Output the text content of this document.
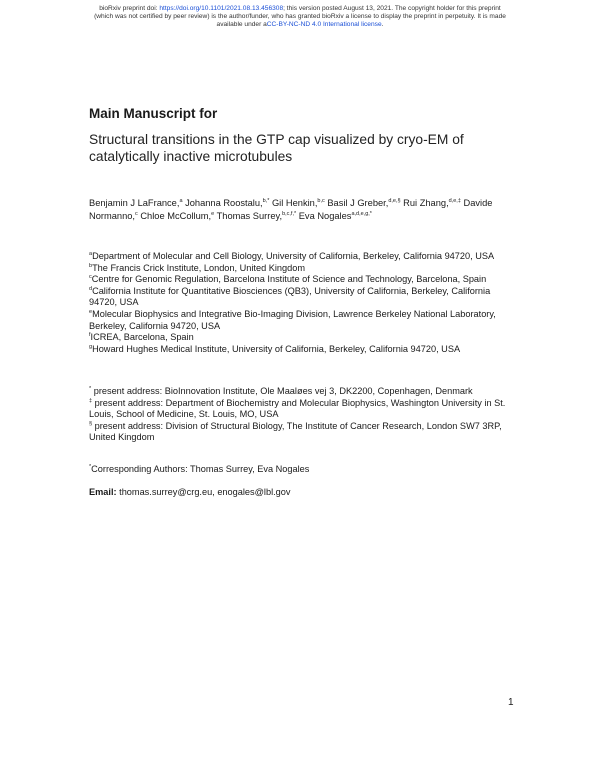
bioRxiv preprint doi: https://doi.org/10.1101/2021.08.13.456308; this version posted August 13, 2021. The copyright holder for this preprint
(which was not certified by peer review) is the author/funder, who has granted bioRxiv a license to display the preprint in perpetuity. It is made
available under aCC-BY-NC-ND 4.0 International license.
Main Manuscript for
Structural transitions in the GTP cap visualized by cryo-EM of catalytically inactive microtubules
Benjamin J LaFrance,$^a$ Johanna Roostalu,$^{b,*}$ Gil Henkin,$^{b,c}$ Basil J Greber,$^{d,e,\S}$ Rui Zhang,$^{d,e,\ddagger}$ Davide Normanno,$^c$ Chloe McCollum,$^e$ Thomas Surrey,$^{b,c,f,*}$ Eva Nogales$^{a,d,e,g,*}$

$^a$Department of Molecular and Cell Biology, University of California, Berkeley, California 94720, USA

$^b$The Francis Crick Institute, London, United Kingdom

$^c$Centre for Genomic Regulation, Barcelona Institute of Science and Technology, Barcelona, Spain

$^d$California Institute for Quantitative Biosciences (QB3), University of California, Berkeley, California 94720, USA

$^e$Molecular Biophysics and Integrative Bio-Imaging Division, Lawrence Berkeley National Laboratory, Berkeley, California 94720, USA

$^f$ICREA, Barcelona, Spain

$^g$Howard Hughes Medical Institute, University of California, Berkeley, California 94720, USA

* present address: BioInnovation Institute, Ole Maaløes vej 3, DK2200, Copenhagen, Denmark

‡ present address: Department of Biochemistry and Molecular Biophysics, Washington University in St. Louis, School of Medicine, St. Louis, MO, USA

§ present address: Division of Structural Biology, The Institute of Cancer Research, London SW7 3RP, United Kingdom

*Corresponding Authors: Thomas Surrey, Eva Nogales
Email: thomas.surrey@crg.eu, enogales@lbl.gov
1
